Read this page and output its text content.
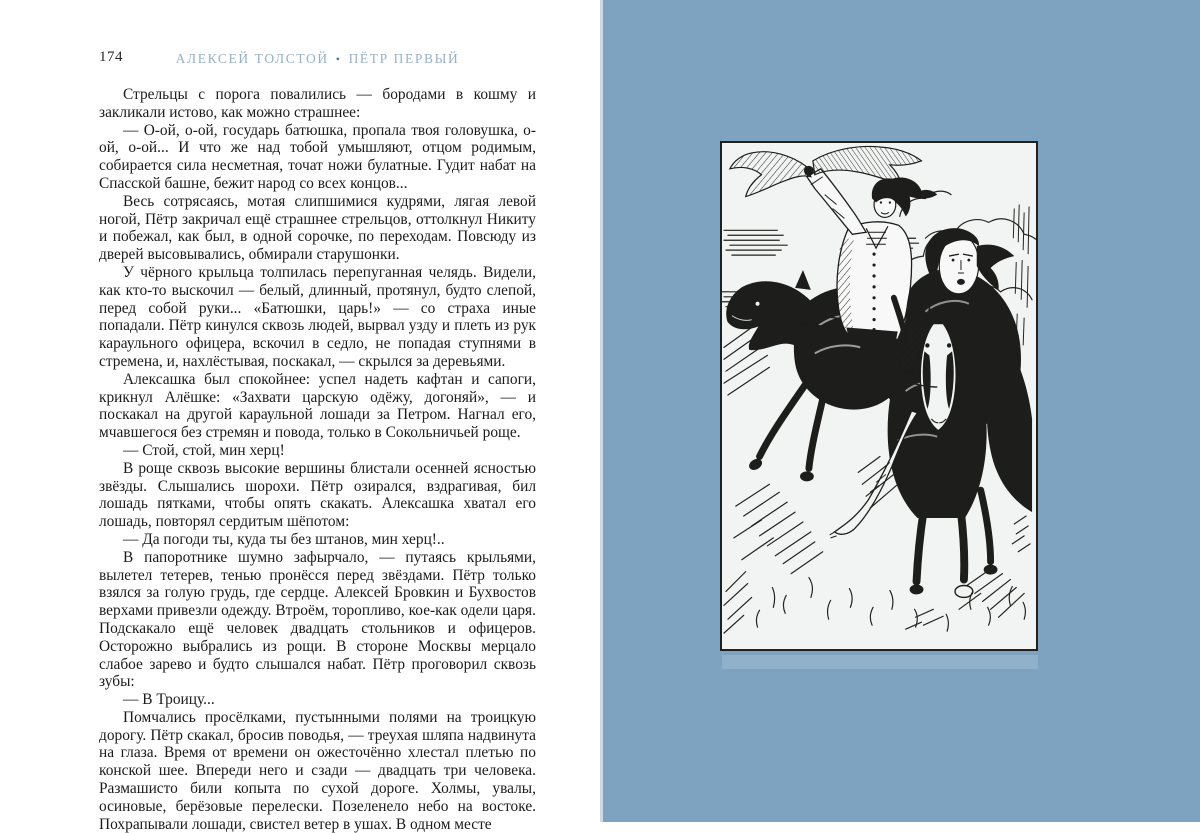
174	АЛЕКСЕЙ ТОЛСТОЙ • ПЁТР ПЕРВЫЙ

Стрельцы с порога повалились — бородами в кошму и закликали истово, как можно страшнее:

— О-ой, о-ой, государь батюшка, пропала твоя головушка, о-ой, о-ой... И что же над тобой умышляют, отцом родимым, собирается сила несметная, точат ножи булатные. Гудит набат на Спасской башне, бежит народ со всех концов...

Весь сотрясаясь, мотая слипшимися кудрями, лягая левой ногой, Пётр закричал ещё страшнее стрельцов, оттолкнул Никиту и побежал, как был, в одной сорочке, по переходам. Повсюду из дверей высовывались, обмирали старушонки.

У чёрного крыльца толпилась перепуганная челядь. Видели, как кто-то выскочил — белый, длинный, протянул, будто слепой, перед собой руки... «Батюшки, царь!» — со страха иные попадали. Пётр кинулся сквозь людей, вырвал узду и плеть из рук караульного офицера, вскочил в седло, не попадая ступнями в стремена, и, нахлёстывая, поскакал, — скрылся за деревьями.

Алексашка был спокойнее: успел надеть кафтан и сапоги, крикнул Алёшке: «Захвати царскую одёжу, догоняй», — и поскакал на другой караульной лошади за Петром. Нагнал его, мчавшегося без стремян и повода, только в Сокольничьей роще.

— Стой, стой, мин херц!

В роще сквозь высокие вершины блистали осенней ясностью звёзды. Слышались шорохи. Пётр озирался, вздрагивая, бил лошадь пятками, чтобы опять скакать. Алексашка хватал его лошадь, повторял сердитым шёпотом:

— Да погоди ты, куда ты без штанов, мин херц!..

В папоротнике шумно зафырчало, — путаясь крыльями, вылетел тетерев, тенью пронёсся перед звёздами. Пётр только взялся за голую грудь, где сердце. Алексей Бровкин и Бухвостов верхами привезли одежду. Втроём, торопливо, кое-как одели царя. Подскакало ещё человек двадцать стольников и офицеров. Осторожно выбрались из рощи. В стороне Москвы мерцало слабое зарево и будто слышался набат. Пётр проговорил сквозь зубы:

— В Троицу...

Помчались просёлками, пустынными полями на троицкую дорогу. Пётр скакал, бросив поводья, — треухая шляпа надвинута на глаза. Время от времени он ожесточённо хлестал плетью по конской шее. Впереди него и сзади — двадцать три человека. Размашисто били копыта по сухой дороге. Холмы, увалы, осиновые, берёзовые перелески. Позеленело небо на востоке. Похрапывали лошади, свистел ветер в ушах. В одном месте
